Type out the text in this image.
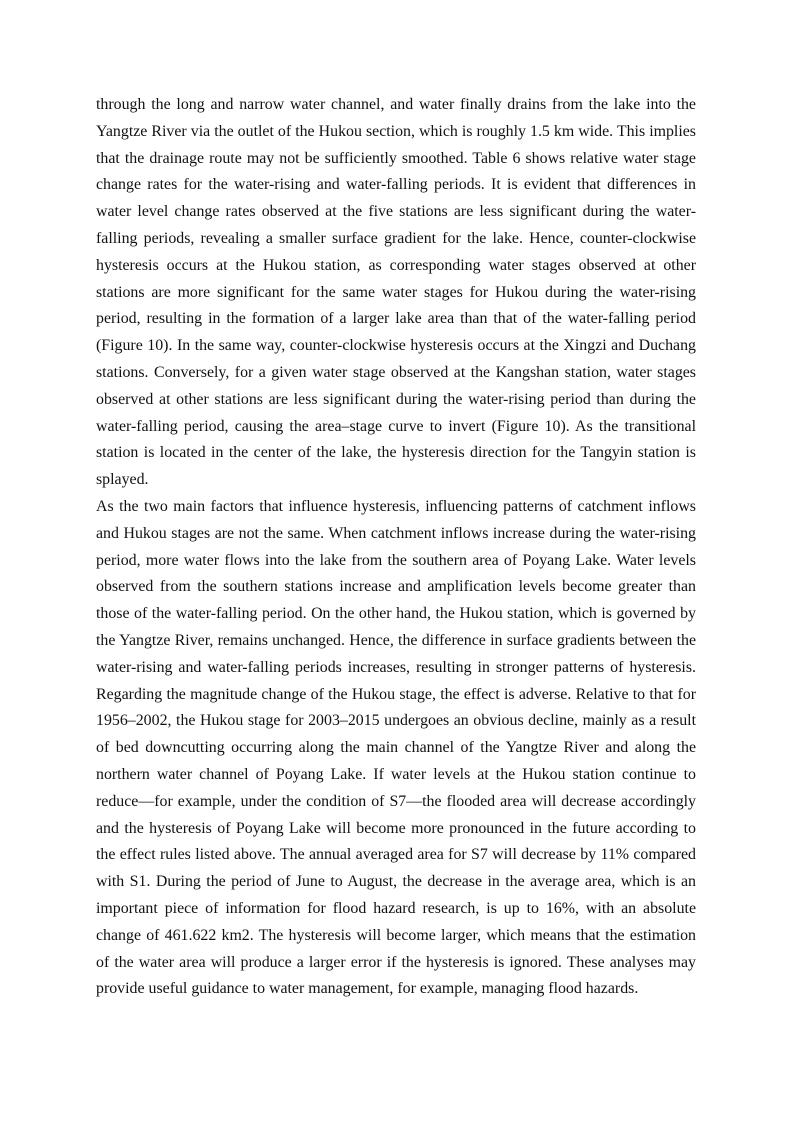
through the long and narrow water channel, and water finally drains from the lake into the Yangtze River via the outlet of the Hukou section, which is roughly 1.5 km wide. This implies that the drainage route may not be sufficiently smoothed. Table 6 shows relative water stage change rates for the water-rising and water-falling periods. It is evident that differences in water level change rates observed at the five stations are less significant during the water-falling periods, revealing a smaller surface gradient for the lake. Hence, counter-clockwise hysteresis occurs at the Hukou station, as corresponding water stages observed at other stations are more significant for the same water stages for Hukou during the water-rising period, resulting in the formation of a larger lake area than that of the water-falling period (Figure 10). In the same way, counter-clockwise hysteresis occurs at the Xingzi and Duchang stations. Conversely, for a given water stage observed at the Kangshan station, water stages observed at other stations are less significant during the water-rising period than during the water-falling period, causing the area–stage curve to invert (Figure 10). As the transitional station is located in the center of the lake, the hysteresis direction for the Tangyin station is splayed.

As the two main factors that influence hysteresis, influencing patterns of catchment inflows and Hukou stages are not the same. When catchment inflows increase during the water-rising period, more water flows into the lake from the southern area of Poyang Lake. Water levels observed from the southern stations increase and amplification levels become greater than those of the water-falling period. On the other hand, the Hukou station, which is governed by the Yangtze River, remains unchanged. Hence, the difference in surface gradients between the water-rising and water-falling periods increases, resulting in stronger patterns of hysteresis. Regarding the magnitude change of the Hukou stage, the effect is adverse. Relative to that for 1956–2002, the Hukou stage for 2003–2015 undergoes an obvious decline, mainly as a result of bed downcutting occurring along the main channel of the Yangtze River and along the northern water channel of Poyang Lake. If water levels at the Hukou station continue to reduce—for example, under the condition of S7—the flooded area will decrease accordingly and the hysteresis of Poyang Lake will become more pronounced in the future according to the effect rules listed above. The annual averaged area for S7 will decrease by 11% compared with S1. During the period of June to August, the decrease in the average area, which is an important piece of information for flood hazard research, is up to 16%, with an absolute change of 461.622 km2. The hysteresis will become larger, which means that the estimation of the water area will produce a larger error if the hysteresis is ignored. These analyses may provide useful guidance to water management, for example, managing flood hazards.
